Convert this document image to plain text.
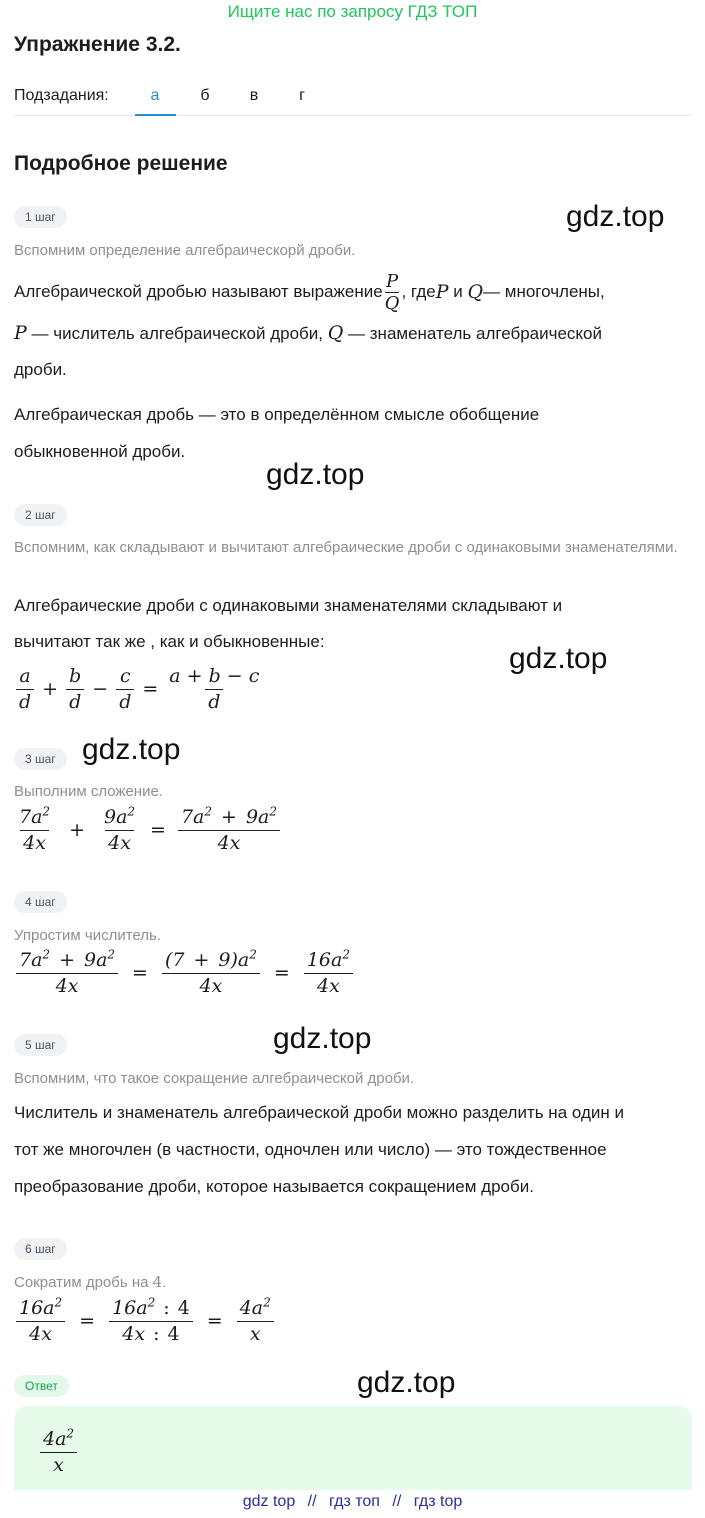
Ищите нас по запросу ГДЗ ТОП
Упражнение 3.2.
Подзадания:	а	б	в	г
Подробное решение
1 шаг	gdz.top
Вспомним определение алгебраическорй дроби.
Алгебраической дробью называют выражение $\frac{P}{Q}$ , где P и Q — многочлены,
P — числитель алгебраической дроби, Q — знаменатель алгебраической
дроби.
Алгебраическая дробь — это в определённом смысле обобщение
обыкновенной дроби.
gdz.top
2 шаг
Вспомним, как складывают и вычитают алгебраические дроби с одинаковыми знаменателями.
Алгебраические дроби с одинаковыми знаменателями складывают и
вычитают так же , как и обыкновенные:
gdz.top
$\frac{a}{d} + \frac{b}{d} - \frac{c}{d} = \frac{a + b - c}{d}$
3 шаг gdz.top
Выполним сложение.
$\frac{7a^2}{4x} + \frac{9a^2}{4x} = \frac{7a^2 + 9a^2}{4x}$
4 шаг
Упростим числитель.
$\frac{7a^2 + 9a^2}{4x} = \frac{(7 + 9)a^2}{4x} = \frac{16a^2}{4x}$
5 шаг	gdz.top
Вспомним, что такое сокращение алгебраической дроби.
Числитель и знаменатель алгебраической дроби можно разделить на один и
тот же многочлен (в частности, одночлен или число) — это тождественное
преобразование дроби, которое называется сокращением дроби.
6 шаг
Сократим дробь на 4.
$\frac{16a^2}{4x} = \frac{16a^2 : 4}{4x : 4} = \frac{4a^2}{x}$
Ответ	gdz.top
$\frac{4a^2}{x}$
gdz top // гдз топ // гдз top
